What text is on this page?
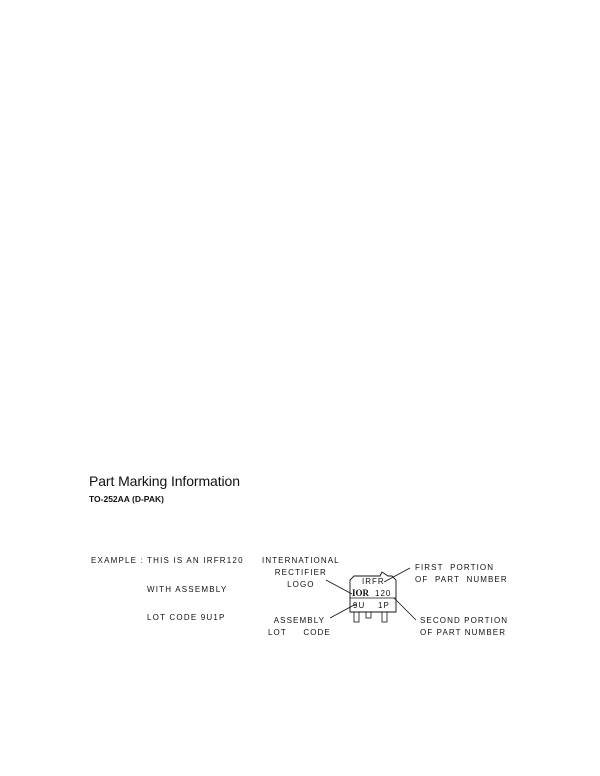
Part Marking Information
TO-252AA (D-PAK)

EXAMPLE : THIS IS AN IRFR120

WITH ASSEMBLY

LOT CODE 9U1P

INTERNATIONAL
RECTIFIER
LOGO
ASSEMBLY
LOT     CODE
FIRST  PORTION
OF  PART  NUMBER
SECOND PORTION
OF PART NUMBER
IRFR
IOR 120
9U 1P
